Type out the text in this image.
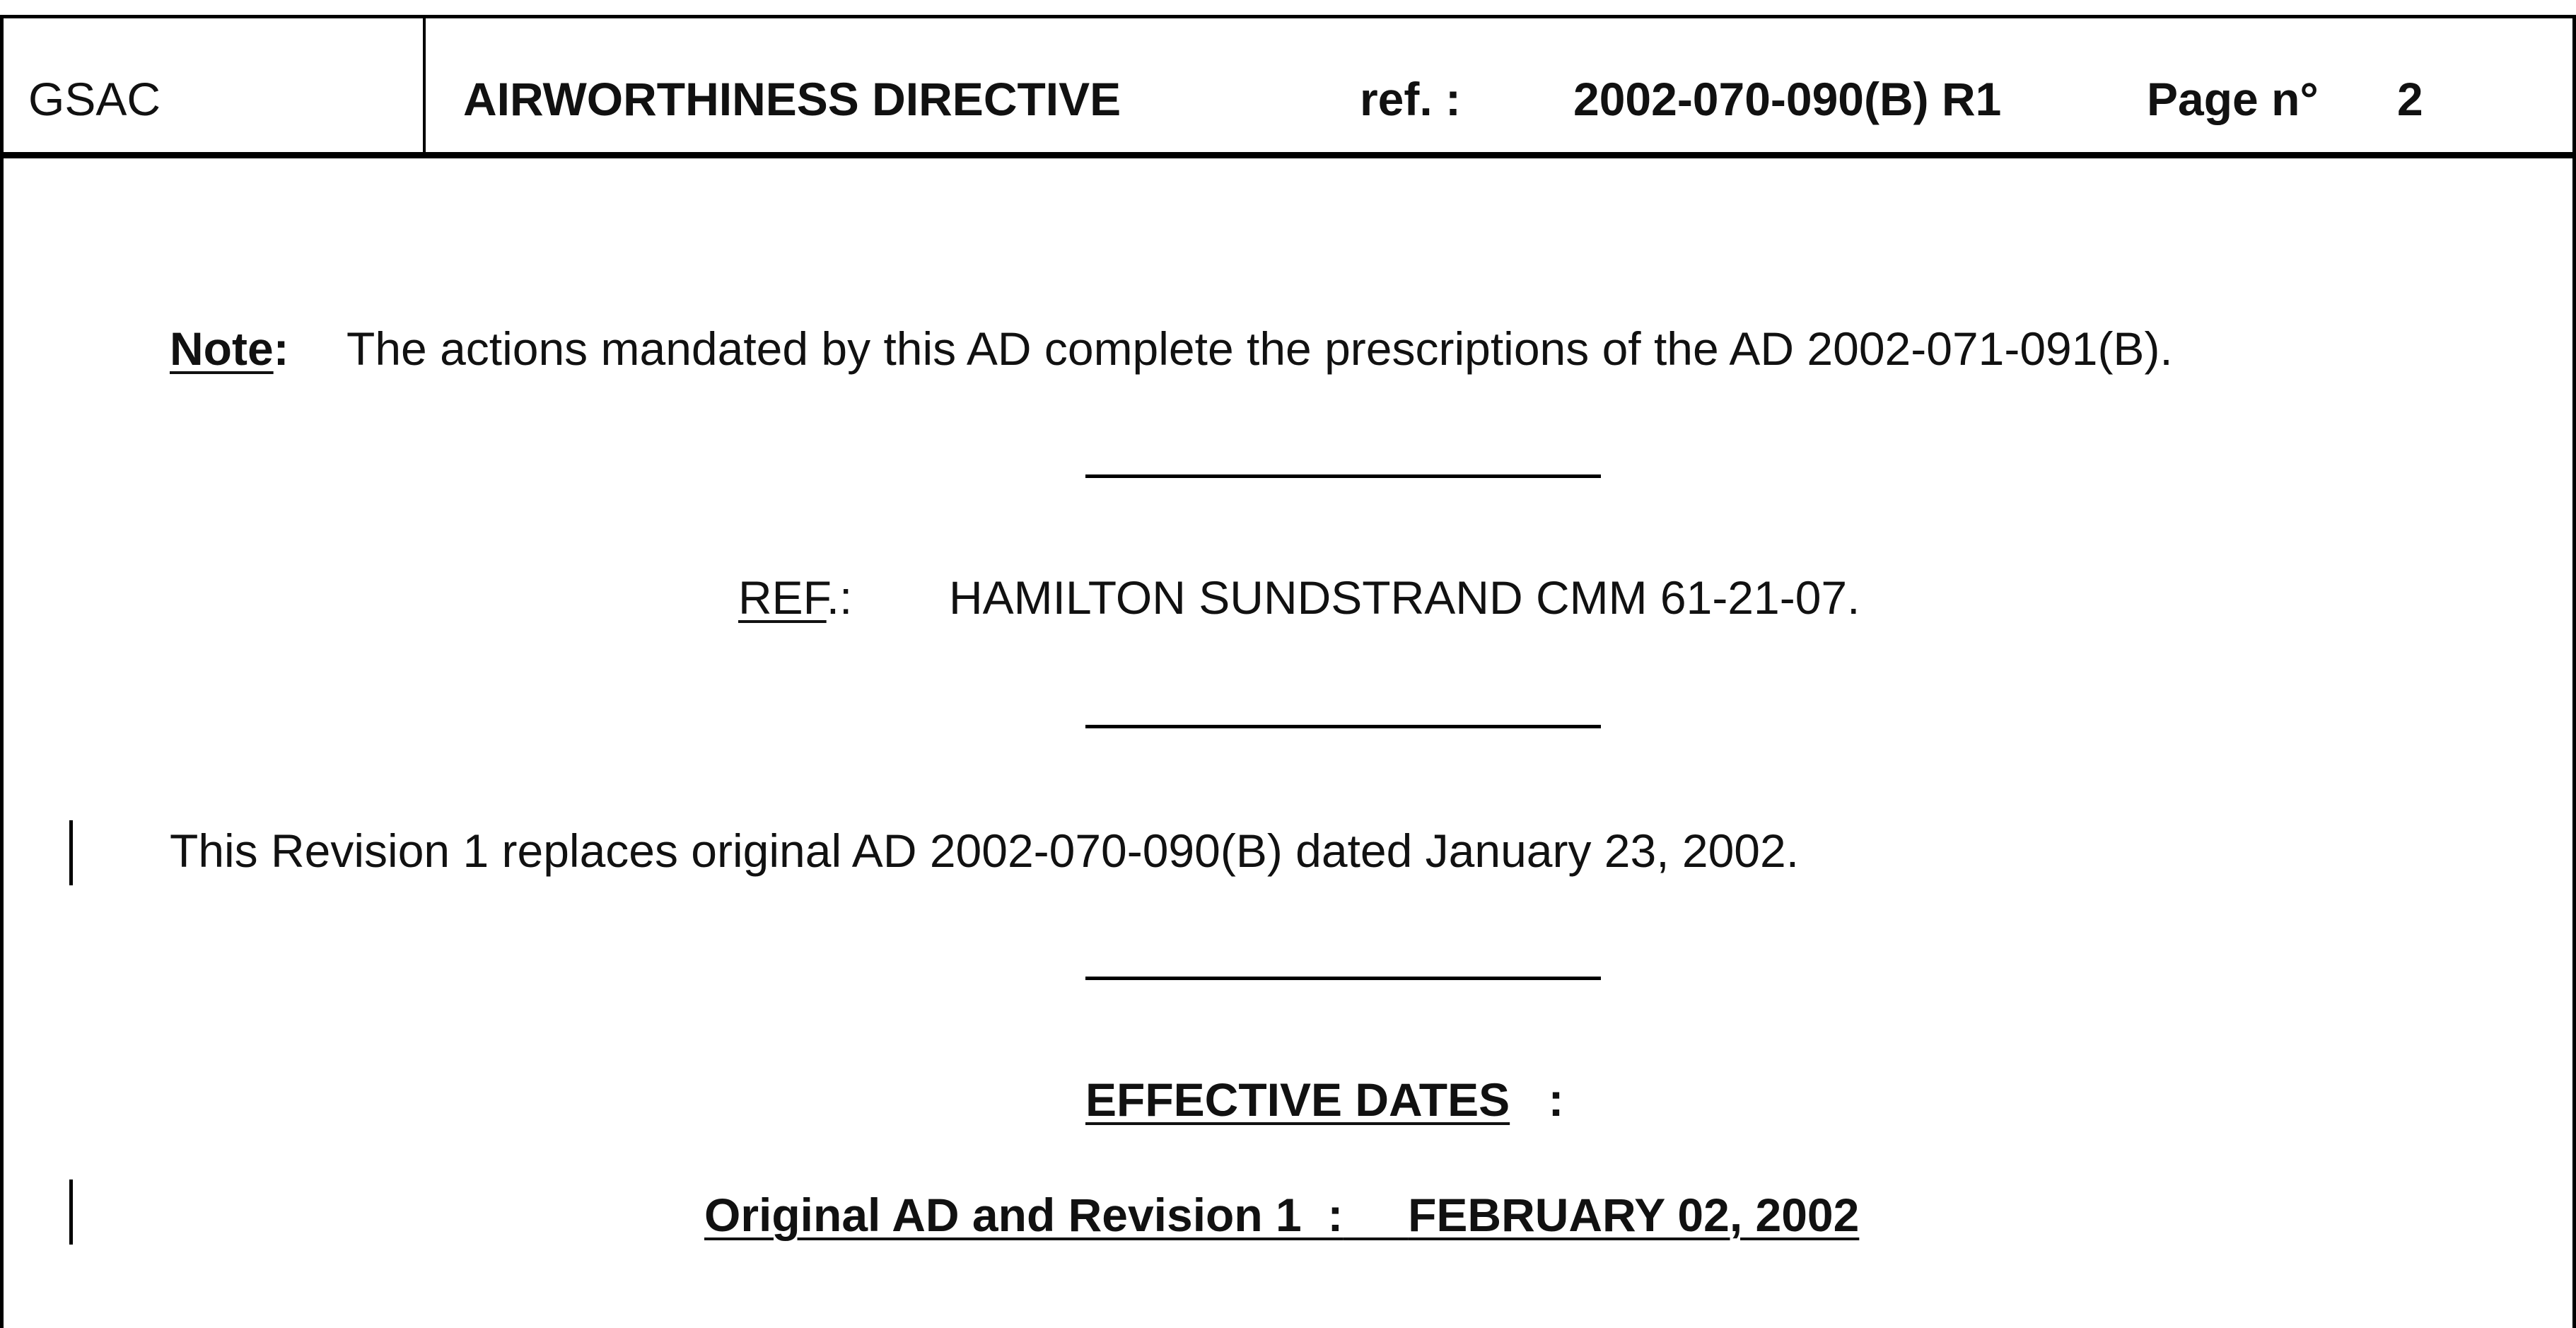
GSAC	AIRWORTHINESS DIRECTIVE	ref. : 2002-070-090(B) R1	Page n° 2
Note: The actions mandated by this AD complete the prescriptions of the AD 2002-071-091(B).
REF.: HAMILTON SUNDSTRAND CMM 61-21-07.
This Revision 1 replaces original AD 2002-070-090(B) dated January 23, 2002.
EFFECTIVE DATES :
Original AD and Revision 1  : FEBRUARY 02, 2002
